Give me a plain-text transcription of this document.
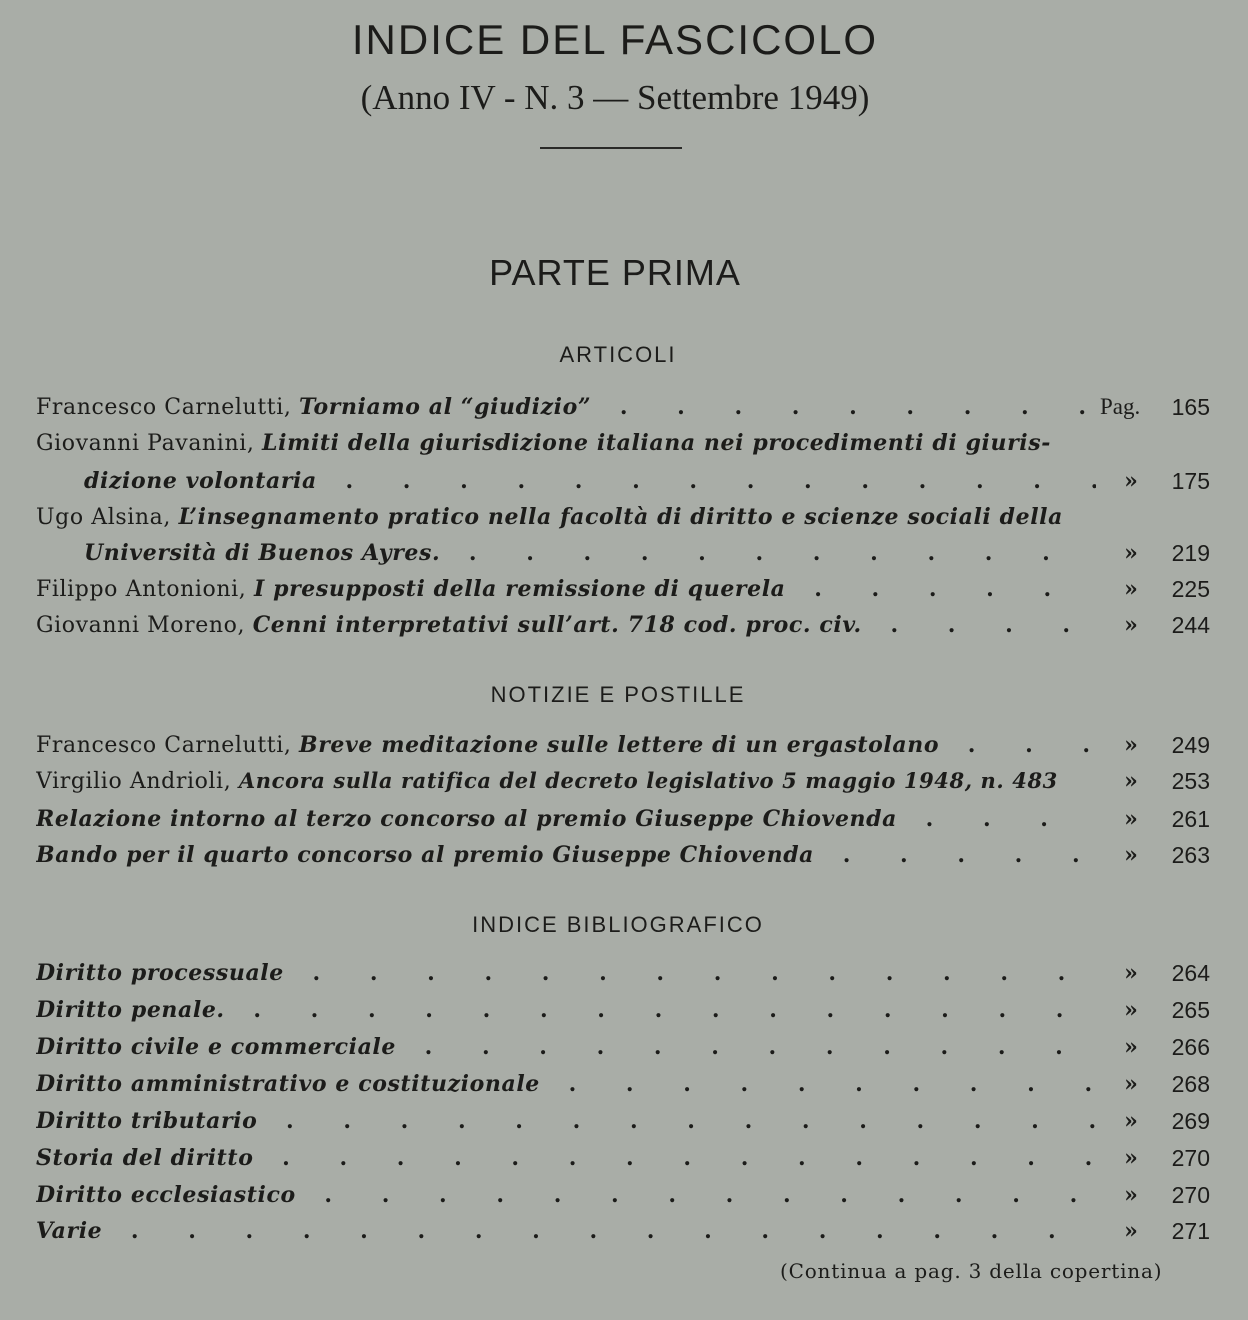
INDICE DEL FASCICOLO
(Anno IV - N. 3 — Settembre 1949)
PARTE PRIMA
ARTICOLI
Francesco Carnelutti, Torniamo al “giudizio” . . .	Pag.	165
Giovanni Pavanini, Limiti della giurisdizione italiana nei procedimenti di giuris-
dizione volontaria . . .	»	175
Ugo Alsina, L’insegnamento pratico nella facoltà di diritto e scienze sociali della
Università di Buenos Ayres. . . .	»	219
Filippo Antonioni, I presupposti della remissione di querela . . .	»	225
Giovanni Moreno, Cenni interpretativi sull’art. 718 cod. proc. civ. . . .	»	244
NOTIZIE E POSTILLE
Francesco Carnelutti, Breve meditazione sulle lettere di un ergastolano . . .	»	249
Virgilio Andrioli, Ancora sulla ratifica del decreto legislativo 5 maggio 1948, n. 483	»	253
Relazione intorno al terzo concorso al premio Giuseppe Chiovenda . . .	»	261
Bando per il quarto concorso al premio Giuseppe Chiovenda . . .	»	263
INDICE BIBLIOGRAFICO
Diritto processuale . . .	»	264
Diritto penale. . . .	»	265
Diritto civile e commerciale . . .	»	266
Diritto amministrativo e costituzionale . . .	»	268
Diritto tributario . . .	»	269
Storia del diritto . . .	»	270
Diritto ecclesiastico . . .	»	270
Varie . . .	»	271
(Continua a pag. 3 della copertina)
